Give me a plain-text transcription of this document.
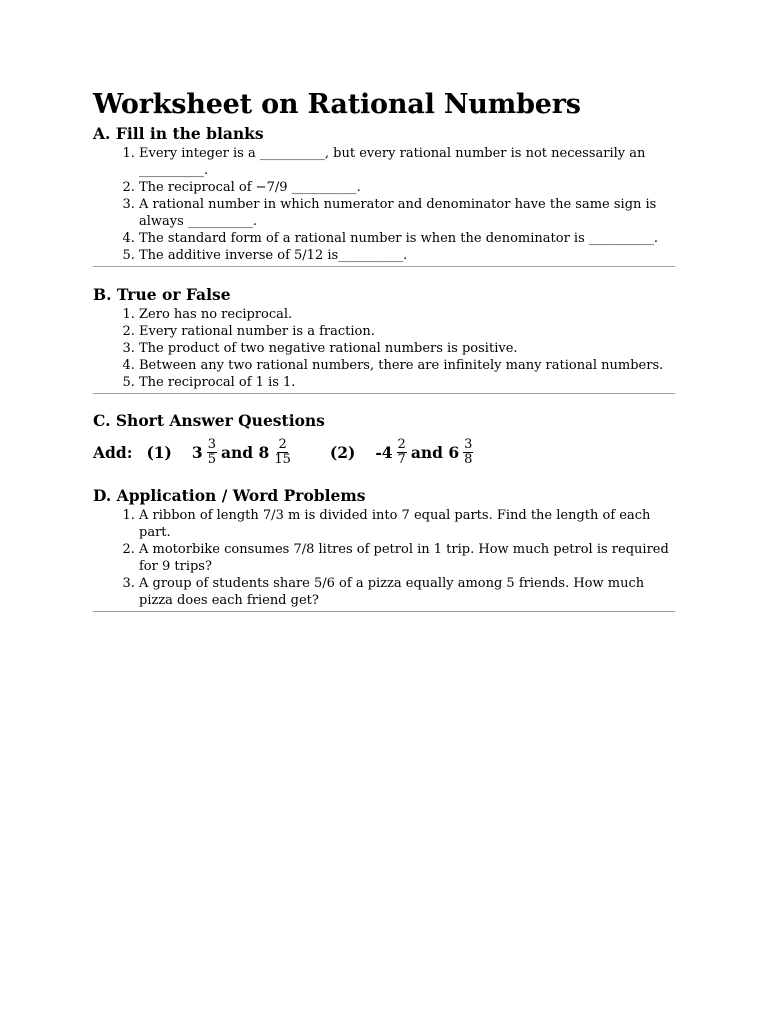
Worksheet on Rational Numbers
A. Fill in the blanks
1. Every integer is a __________, but every rational number is not necessarily an __________.
2. The reciprocal of −7/9 __________.
3. A rational number in which numerator and denominator have the same sign is always __________.
4. The standard form of a rational number is when the denominator is __________.
5. The additive inverse of 5/12 is__________.
B. True or False
1. Zero has no reciprocal.
2. Every rational number is a fraction.
3. The product of two negative rational numbers is positive.
4. Between any two rational numbers, there are infinitely many rational numbers.
5. The reciprocal of 1 is 1.
C. Short Answer Questions
Add: (1) $3 \frac{3}{5}$ and $8 \frac{2}{15} (2)$ $-4 \frac{2}{7}$ and $6 \frac{3}{8}$
D. Application / Word Problems
1. A ribbon of length 7/3 m is divided into 7 equal parts. Find the length of each part.
2. A motorbike consumes 7/8 litres of petrol in 1 trip. How much petrol is required for 9 trips?
3. A group of students share 5/6 of a pizza equally among 5 friends. How much pizza does each friend get?
